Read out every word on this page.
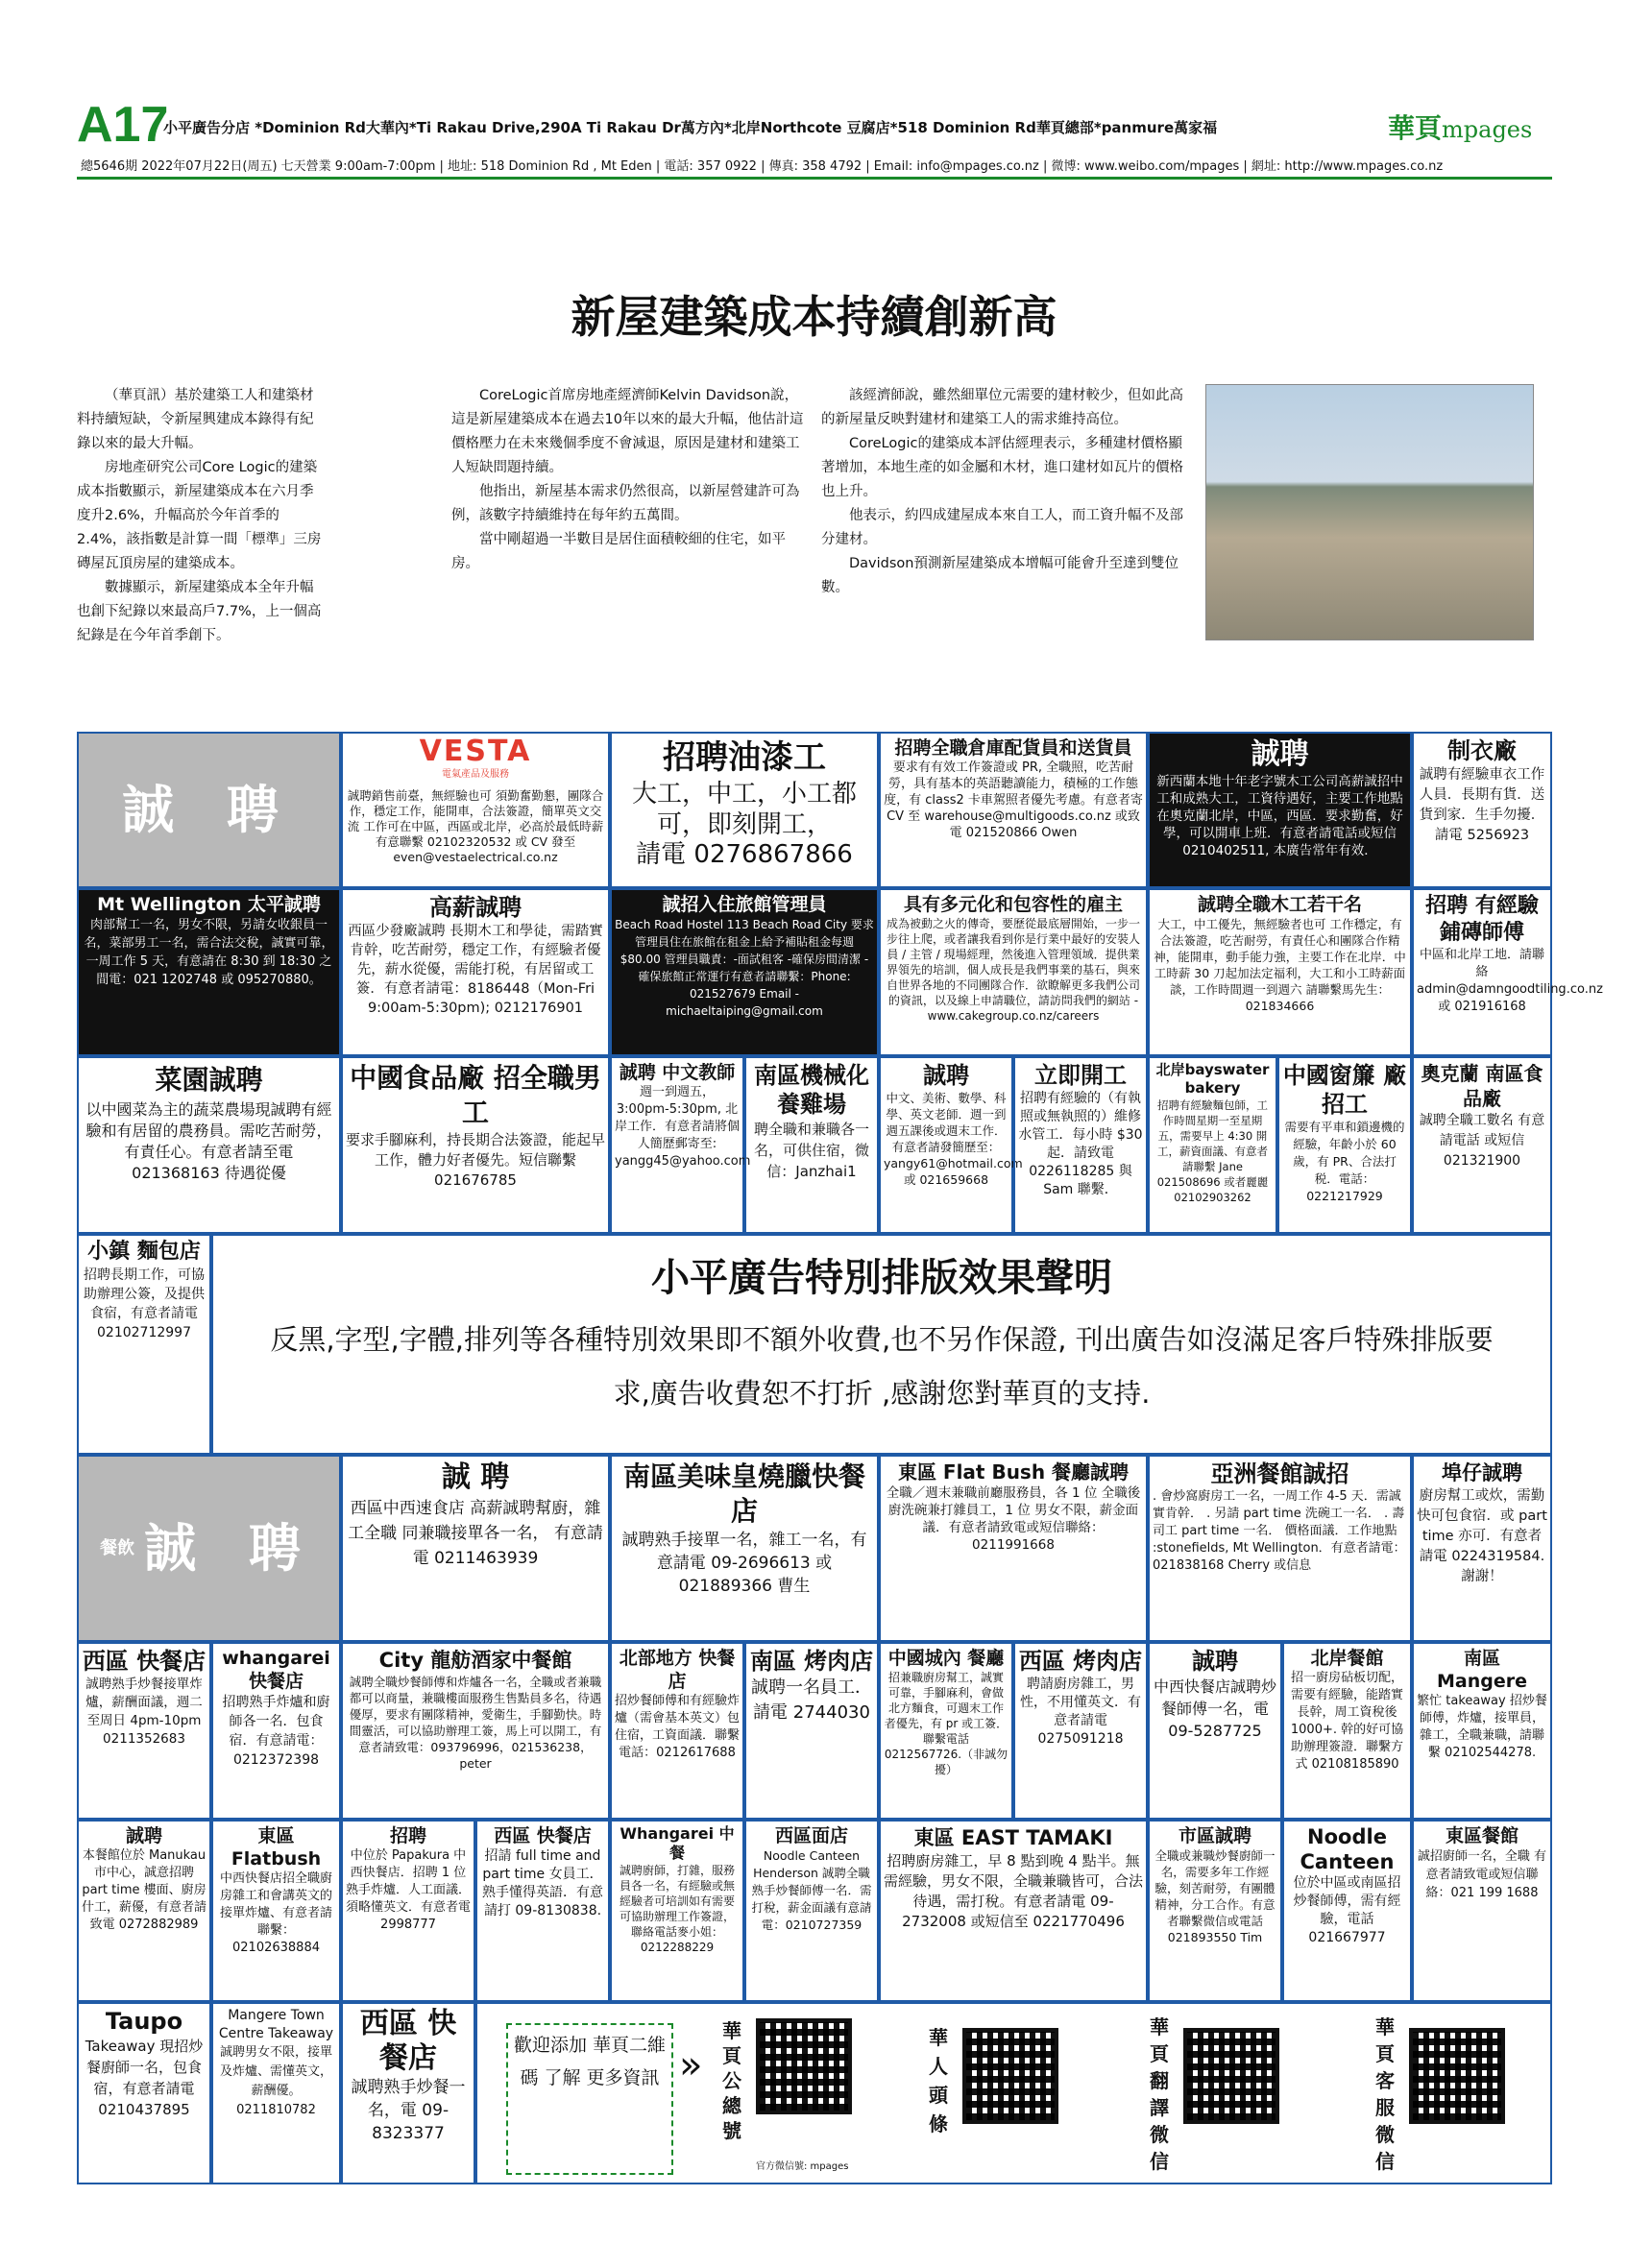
A17
小平廣告分店 *Dominion Rd大華內*Ti Rakau Drive,290A Ti Rakau Dr萬方內*北岸Northcote 豆腐店*518 Dominion Rd華頁總部*panmure萬家福
總5646期 2022年07月22日(周五) 七天營業 9:00am-7:00pm | 地址: 518 Dominion Rd , Mt Eden | 電話: 357 0922 | 傳真: 358 4792 | Email: info@mpages.co.nz | 微博: www.weibo.com/mpages | 網址: http://www.mpages.co.nz
華頁mpages
新屋建築成本持續創新高

（華頁訊）基於建築工人和建築材料持續短缺，令新屋興建成本錄得有紀錄以來的最大升幅。

房地產研究公司Core Logic的建築成本指數顯示，新屋建築成本在六月季度升2.6%，升幅高於今年首季的2.4%，該指數是計算一間「標準」三房磚屋瓦頂房屋的建築成本。

數據顯示，新屋建築成本全年升幅也創下紀錄以來最高戶7.7%，上一個高紀錄是在今年首季創下。

CoreLogic首席房地產經濟師Kelvin Davidson說，這是新屋建築成本在過去10年以來的最大升幅，他估計這價格壓力在未來幾個季度不會減退，原因是建材和建築工人短缺問題持續。

他指出，新屋基本需求仍然很高，以新屋營建許可為例，該數字持續維持在每年約五萬間。

當中剛超過一半數目是居住面積較細的住宅，如平房。

該經濟師說，雖然細單位元需要的建材較少，但如此高的新屋量反映對建材和建築工人的需求維持高位。

CoreLogic的建築成本評估經理表示，多種建材價格顯著增加，本地生產的如金屬和木材，進口建材如瓦片的價格也上升。

他表示，約四成建屋成本來自工人，而工資升幅不及部分建材。

Davidson預測新屋建築成本增幅可能會升至達到雙位數。

誠 聘
VESTA
電氣產品及服務
誠聘銷售前臺，無經驗也可 須勤奮勤懇，團隊合作，穩定工作，能開車，合法簽證，簡單英文交流 工作可在中區，西區或北岸，必高於最低時薪 有意聯繫 02102320532 或 CV 發至 even@vestaelectrical.co.nz
招聘油漆工
大工，中工，小工都可，即刻開工，
請電 0276867866
招聘全職倉庫配貨員和送貨員
要求有有效工作簽證或 PR, 全職照，吃苦耐勞，具有基本的英語聽讀能力，積極的工作態度，有 class2 卡車駕照者優先考慮。有意者寄 CV 至 warehouse@multigoods.co.nz 或致電 021520866 Owen
誠聘
新西蘭本地十年老字號木工公司高薪誠招中工和成熟大工，工資待遇好，主要工作地點在奧克蘭北岸，中區，西區．要求勤奮，好學，可以開車上班．有意者請電話或短信 0210402511, 本廣告常年有效．
制衣廠
誠聘有經驗車衣工作人員．長期有貨．送貨到家．生手勿擾．請電 5256923
Mt Wellington 太平誠聘
肉部幫工一名，男女不限，另請女收銀員一名，菜部男工一名，需合法交稅，誠實可靠，一周工作 5 天，有意請在 8:30 到 18:30 之間電：021 1202748 或 095270880。
高薪誠聘
西區少發廠誠聘 長期木工和學徒，需踏實肯幹，吃苦耐勞，穩定工作，有經驗者優先，薪水從優，需能打税，有居留或工簽．有意者請電：8186448（Mon-Fri 9:00am-5:30pm); 0212176901
誠招入住旅館管理員
Beach Road Hostel 113 Beach Road City 要求管理員住在旅館在租金上給予補貼租金每週 $80.00 管理員職責：-面試租客 -確保房間清潔 -確保旅館正常運行有意者請聯繫：Phone: 021527679 Email - michaeltaiping@gmail.com
具有多元化和包容性的雇主
成為被動之火的傳奇，要歷從最底層開始，一步一步往上爬，或者讓我看到你是行業中最好的安裝人員 / 主管 / 現場經理，然後進入管理領域．提供業界領先的培訓，個人成長是我們事業的基石，與來自世界各地的不同團隊合作．欲瞭解更多我們公司的資訊，以及線上申請職位，請訪問我們的網站 - www.cakegroup.co.nz/careers
誠聘全職木工若干名
大工，中工優先，無經驗者也可 工作穩定，有合法簽證，吃苦耐勞，有責任心和團隊合作精神，能開車，動手能力強，主要工作在北岸．中工時薪 30 刀起加法定福利，大工和小工時薪面談，工作時間週一到週六 請聯繫馬先生：021834666
招聘 有經驗 鋪磚師傅
中區和北岸工地．請聯絡 admin@damngoodtiling.co.nz 或 021916168
菜園誠聘
以中國菜為主的蔬菜農場現誠聘有經驗和有居留的農務員。需吃苦耐勞，有責任心。有意者請至電 021368163 待遇從優
中國食品廠 招全職男工
要求手腳麻利，持長期合法簽證，能起早工作，體力好者優先。短信聯繫 021676785
誠聘 中文教師
週一到週五，3:00pm-5:30pm, 北岸工作．有意者請將個人簡歷郵寄至: yangg45@yahoo.com
南區機械化養雞場
聘全職和兼職各一名，可供住宿，微信：Janzhai1
誠聘
中文、美術、數學、科學、英文老師．週一到週五課後或週末工作．有意者請發簡歷至：yangy61@hotmail.com 或 021659668
立即開工
招聘有經驗的（有執照或無執照的）維修水管工．每小時 $30 起．請致電 0226118285 與 Sam 聯繫．
北岸bayswater bakery
招聘有經驗麵包師，工作時間星期一至星期五，需要早上 4:30 開工，薪資面議、有意者請聯繫 Jane 021508696 或者麗麗 02102903262
中國窗簾 廠招工
需要有平車和鎖邊機的經驗，年齡小於 60 歲，有 PR、合法打税．電話：0221217929
奧克蘭 南區食品廠
誠聘全職工數名 有意請電話 或短信 021321900
小鎮 麵包店
招聘長期工作，可協助辦理公簽，及提供食宿，有意者請電 02102712997
小平廣告特別排版效果聲明
反黑,字型,字體,排列等各種特別效果即不額外收費,也不另作保證, 刊出廣告如沒滿足客戶特殊排版要求,廣告收費恕不打折 ,感謝您對華頁的支持.
餐飲 誠 聘
誠 聘
西區中西速食店 高薪誠聘幫廚，雜工全職 同兼職接單各一名， 有意請電 0211463939
南區美味皇燒臘快餐店
誠聘熟手接單一名，雜工一名，有意請電 09-2696613 或 021889366 曹生
東區 Flat Bush 餐廳誠聘
全職／週末兼職前廳服務員，各 1 位 全職後廚洗碗兼打雜員工，1 位 男女不限，薪金面議．有意者請致電或短信聯絡：0211991668
亞洲餐館誠招
. 會炒窩廚房工一名，一周工作 4-5 天．需誠實肯幹． . 另請 part time 洗碗工一名． . 壽司工 part time 一名． 價格面議．工作地點 :stonefields, Mt Wellington．有意者請電：021838168 Cherry 或信息
埠仔誠聘
廚房幫工或炊，需勤快可包食宿．或 part time 亦可．有意者請電 0224319584. 謝謝！
西區 快餐店
誠聘熟手炒餐接單炸爐，薪酬面議，週二至周日 4pm-10pm 0211352683
whangarei 快餐店
招聘熟手炸爐和廚師各一名．包食宿．有意請電：0212372398
City 龍舫酒家中餐館
誠聘全職炒餐師傅和炸爐各一名，全職或者兼職都可以商量，兼職樓面服務生售點員多名，待遇優厚，要求有團隊精神，愛衛生，手腳勤快。時間靈活，可以協助辦理工簽，馬上可以開工，有意者請致電：093796996，021536238，peter
北部地方 快餐店
招炒餐師傅和有經驗炸爐（需會基本英文）包住宿，工資面議．聯繫電話：0212617688
南區 烤肉店
誠聘一名員工．請電 2744030
中國城內 餐廳
招兼職廚房幫工，誠實可靠，手腳麻利，會做北方麵食，可週末工作者優先，有 pr 或工簽．聯繫電話 0212567726.（非誠勿擾）
西區 烤肉店
聘請廚房雜工，男性，不用懂英文．有意者請電 0275091218
誠聘
中西快餐店誠聘炒餐師傅一名，電 09-5287725
北岸餐館
招一廚房砧板切配，需要有經驗，能踏實長幹，周工資稅後 1000+. 幹的好可協助辦理簽證．聯繫方式 02108185890
南區 Mangere
繁忙 takeaway 招炒餐師傅，炸爐，接單員，雜工，全職兼職，請聯繫 02102544278.
誠聘
本餐館位於 Manukau 市中心，誠意招聘 part time 樓面、廚房什工，薪優，有意者請致電 0272882989
東區 Flatbush
中西快餐店招全職廚房雜工和會講英文的接單炸爐、有意者請聯繫：02102638884
招聘
中位於 Papakura 中西快餐店．招聘 1 位熟手炸爐．人工面議．須略懂英文．有意者電 2998777
西區 快餐店
招請 full time and part time 女員工．熟手懂得英語．有意請打 09-8130838.
Whangarei 中餐
誠聘廚師，打雜，服務員各一名，有經驗或無經驗者可培訓如有需要可協助辦理工作簽證，聯絡電話麥小姐：0212288229
西區面店
Noodle Canteen Henderson 誠聘全職熟手炒餐師傅一名．需打稅，薪金面議有意請電：0210727359
東區 EAST TAMAKI
招聘廚房雜工，早 8 點到晚 4 點半。無需經驗，男女不限，全職兼職皆可，合法待遇，需打稅。有意者請電 09-2732008 或短信至 0221770496
市區誠聘
全職或兼職炒餐廚師一名，需要多年工作經驗，刻苦耐勞，有團體精神，分工合作。有意者聯繫微信或電話 021893550 Tim
Noodle Canteen
位於中區或南區招炒餐師傅，需有經驗，電話 021667977
東區餐館
誠招廚師一名，全職 有意者請致電或短信聯絡：021 199 1688
Taupo
Takeaway 現招炒餐廚師一名，包食宿，有意者請電 0210437895
Mangere Town Centre Takeaway
誠聘男女不限，接單及炸爐、需懂英文，薪酬優。0211810782
西區 快餐店
誠聘熟手炒餐一名，電 09-8323377
歡迎添加 華頁二維碼 了解 更多資訊 »
華頁公總號
官方微信號: mpages
華人頭條
華頁翻譯微信
華頁客服微信
